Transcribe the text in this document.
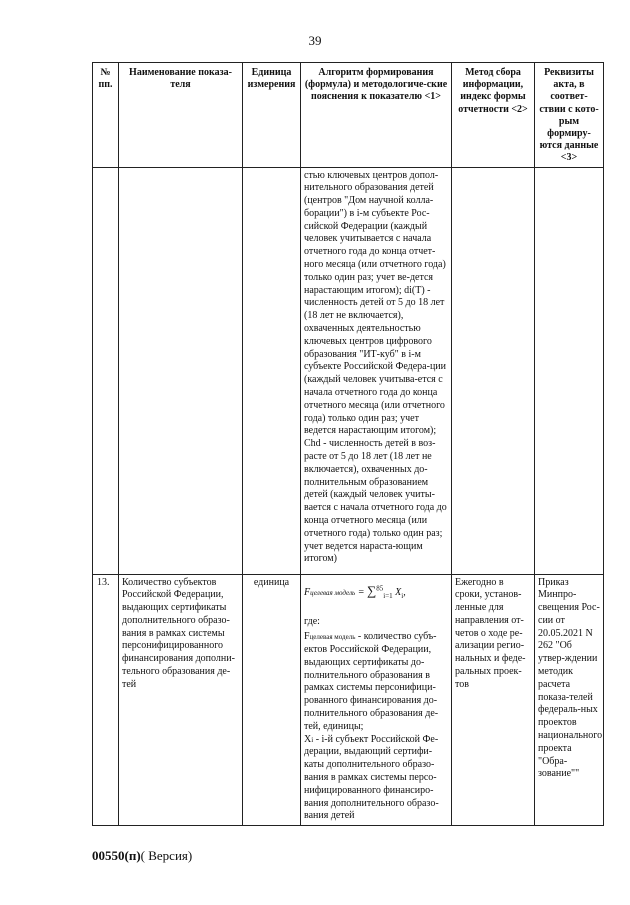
39
№ пп.	Наименование показа-теля	Единица измерения	Алгоритм формирования (формула) и методологиче-ские пояснения к показателю <1>	Метод сбора информации, индекс формы отчетности <2>	Реквизиты акта, в соответ-ствии с кото-рым формиру-ются данные <3>
			стью ключевых центров допол-нительного образования детей (центров "Дом научной колла-борации") в i-м субъекте Рос-сийской Федерации (каждый человек учитывается с начала отчетного года до конца отчет-ного месяца (или отчетного года) только один раз; учет ве-дется нарастающим итогом); di(T) - численность детей от 5 до 18 лет (18 лет не включается), охваченных деятельностью ключевых центров цифрового образования "ИТ-куб" в i-м субъекте Российской Федера-ции (каждый человек учитыва-ется с начала отчетного года до конца отчетного месяца (или отчетного года) только один раз; учет ведется нарастающим итогом); Chd - численность детей в воз-расте от 5 до 18 лет (18 лет не включается), охваченных до-полнительным образованием детей (каждый человек учиты-вается с начала отчетного года до конца отчетного месяца (или отчетного года) только один раз; учет ведется нараста-ющим итогом)		
13.	Количество субъектов Российской Федерации, выдающих сертификаты дополнительного образо-вания в рамках системы персонифицированного финансирования дополни-тельного образования де-тей	единица	Fцелевая модель = ∑$^{85}_{i=1}$ $X_i$,
где:
Fцелевая модель - количество субъ-ектов Российской Федерации, выдающих сертификаты до-полнительного образования в рамках системы персонифици-рованного финансирования до-полнительного образования де-тей, единицы;
Xi - i-й субъект Российской Фе-дерации, выдающий сертифи-каты дополнительного образо-вания в рамках системы персо-нифицированного финансиро-вания дополнительного образо-вания детей	Ежегодно в сроки, установ-ленные для направления от-четов о ходе ре-ализации регио-нальных и феде-ральных проек-тов	Приказ Минпро-свещения Рос-сии от 20.05.2021 N 262 "Об утвер-ждении методик расчета показа-телей федераль-ных проектов национального проекта "Обра-зование""
00550(п)( Версия)
